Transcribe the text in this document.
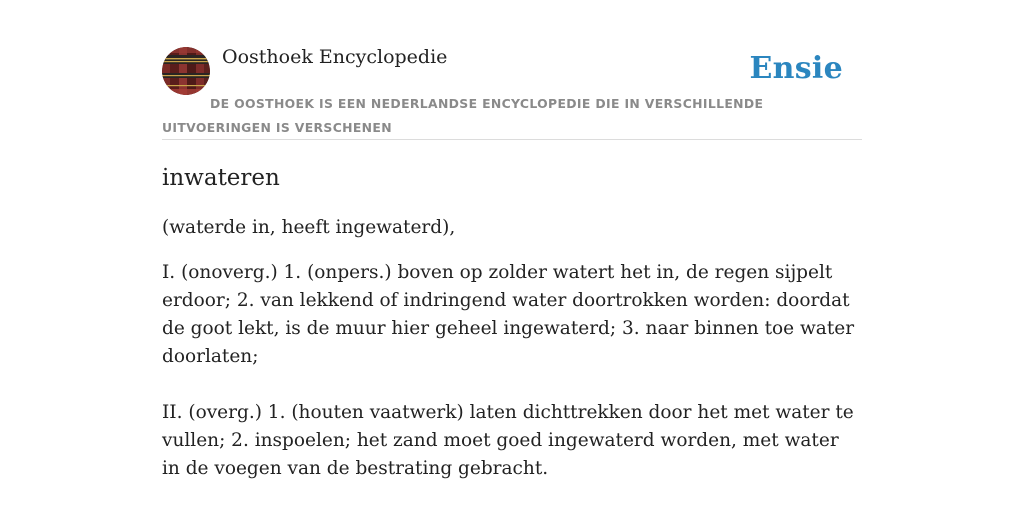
Oosthoek Encyclopedie	Ensie
DE OOSTHOEK IS EEN NEDERLANDSE ENCYCLOPEDIE DIE IN VERSCHILLENDE UITVOERINGEN IS VERSCHENEN
inwateren

(waterde in, heeft ingewaterd),

I. (onoverg.) 1. (onpers.) boven op zolder watert het in, de regen sijpelt erdoor; 2. van lekkend of indringend water doortrokken worden: doordat de goot lekt, is de muur hier geheel ingewaterd; 3. naar binnen toe water doorlaten;

II. (overg.) 1. (houten vaatwerk) laten dichttrekken door het met water te vullen; 2. inspoelen; het zand moet goed ingewaterd worden, met water in de voegen van de bestrating gebracht.
